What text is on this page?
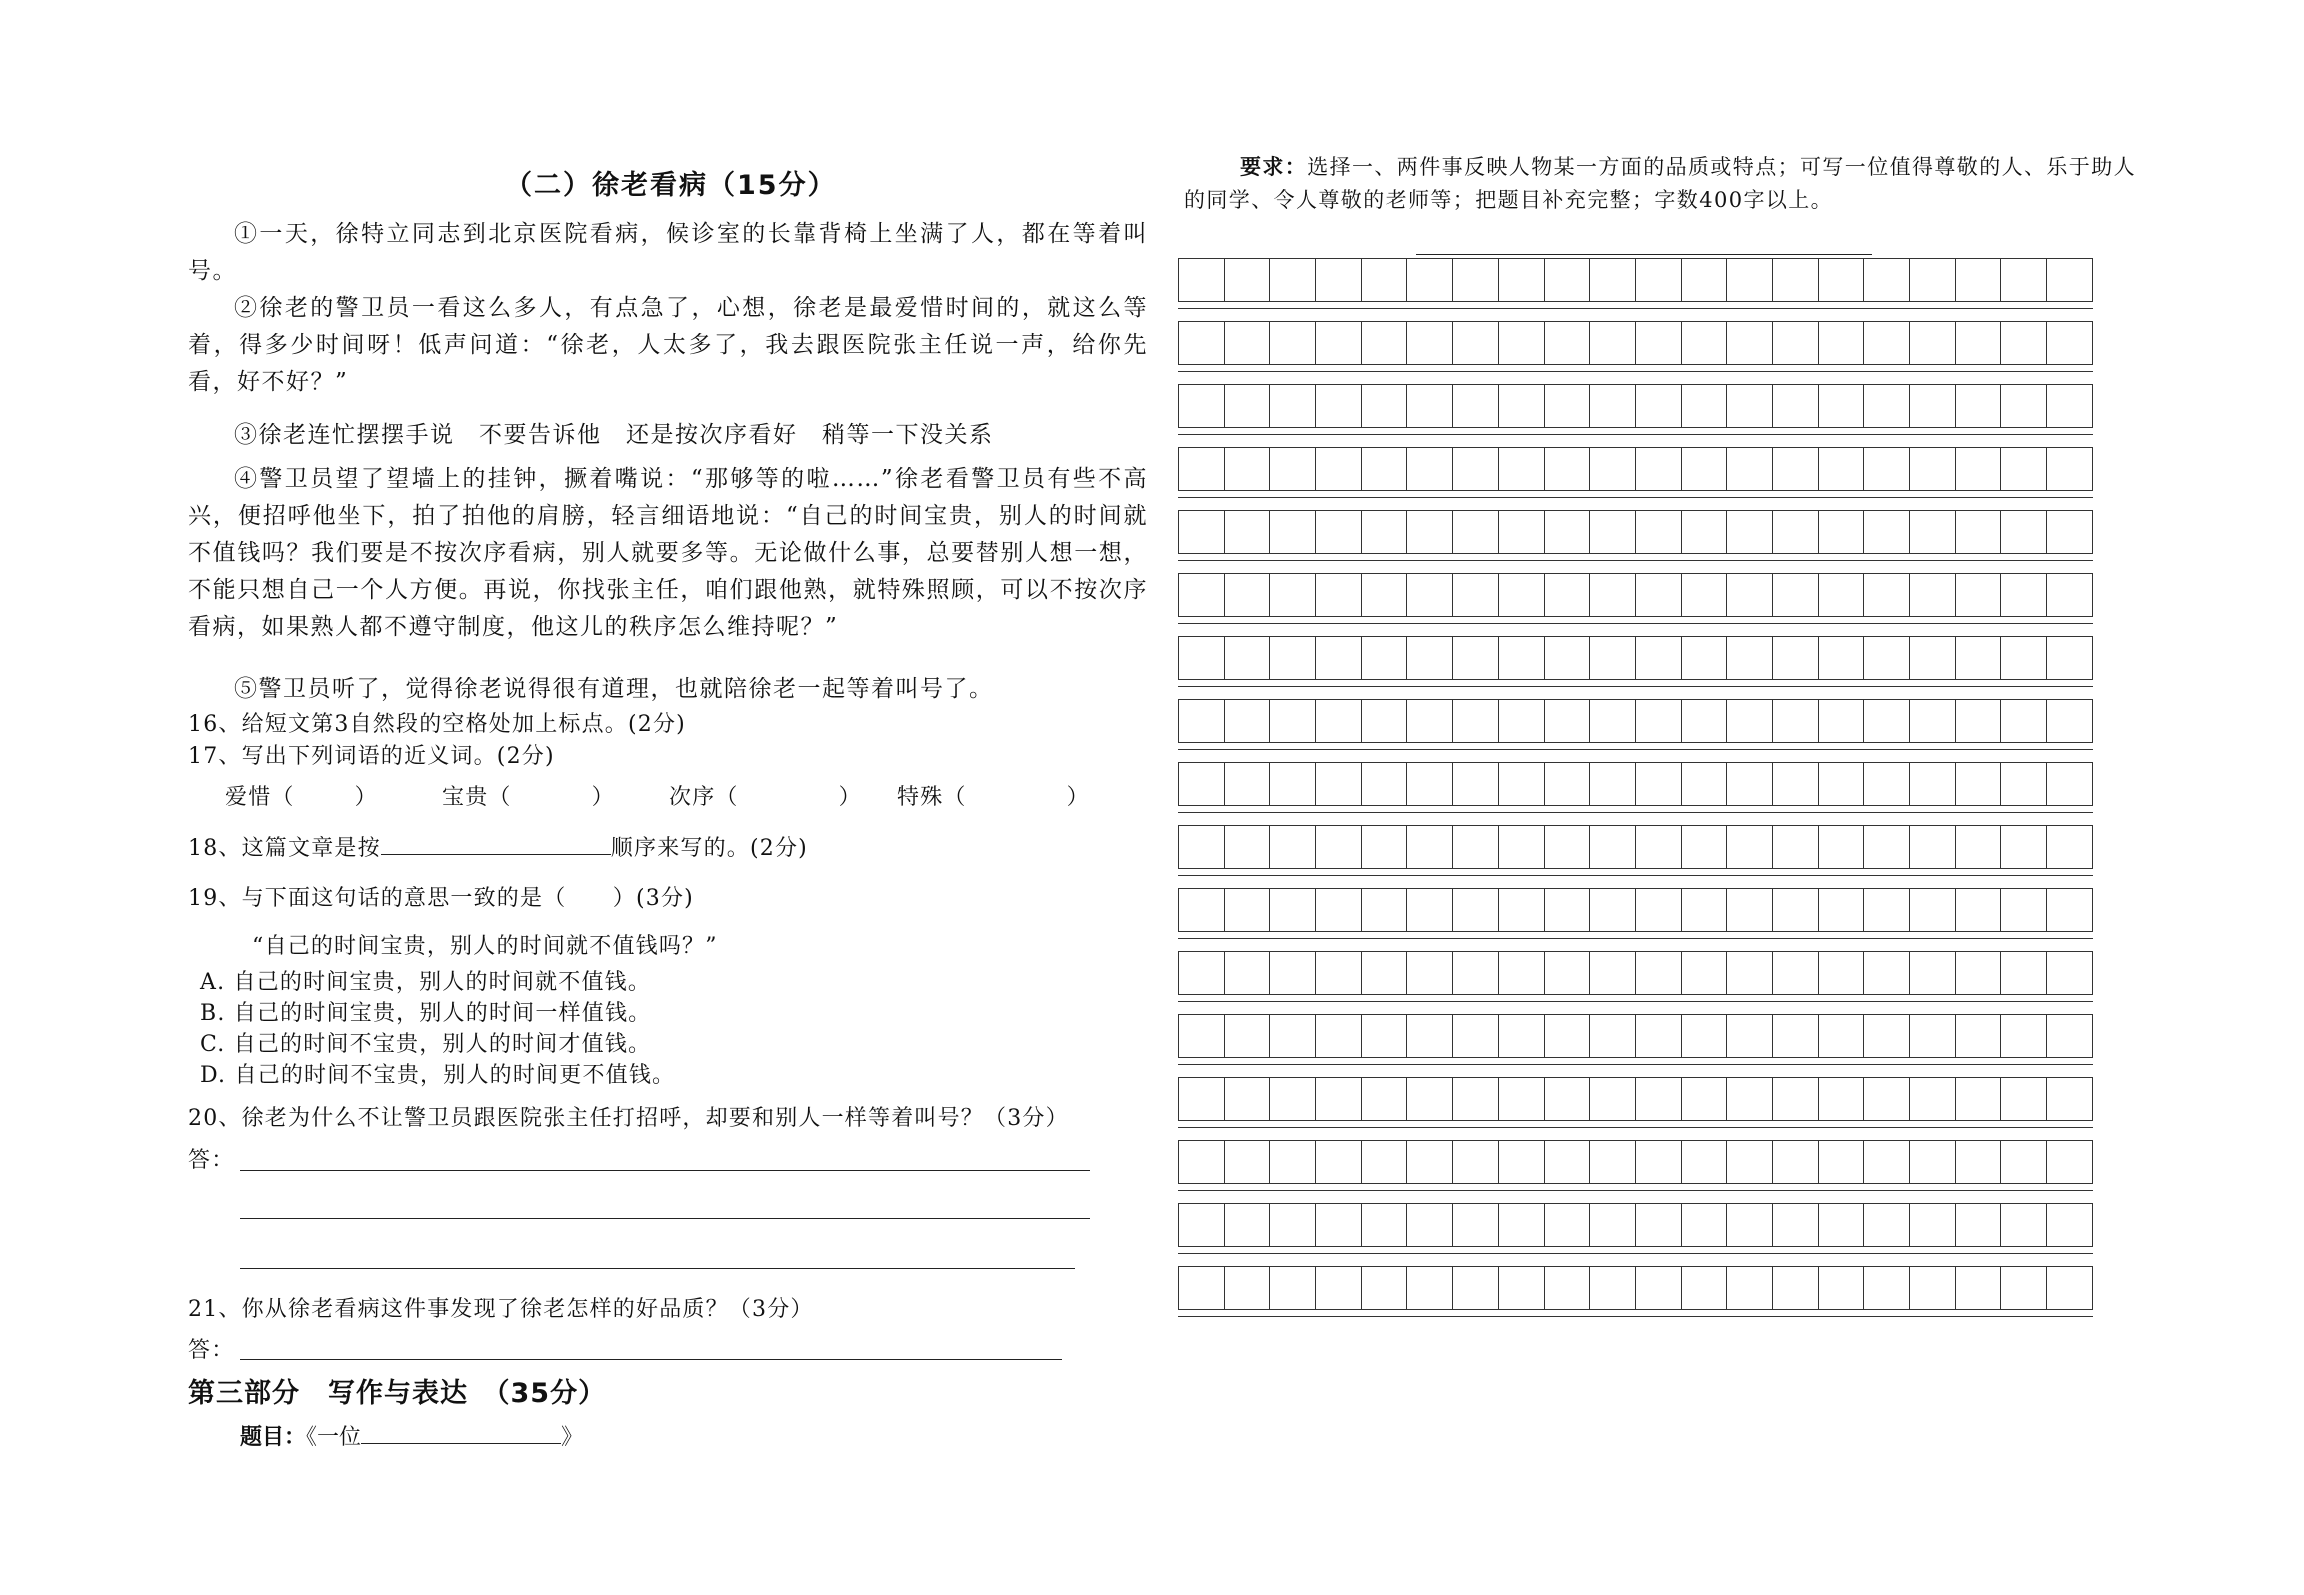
（二）徐老看病（15分）
①一天，徐特立同志到北京医院看病，候诊室的长靠背椅上坐满了人，都在等着叫号。
②徐老的警卫员一看这么多人，有点急了，心想，徐老是最爱惜时间的，就这么等着，得多少时间呀！低声问道：“徐老，人太多了，我去跟医院张主任说一声，给你先看，好不好？”
③徐老连忙摆摆手说　不要告诉他　还是按次序看好　稍等一下没关系
④警卫员望了望墙上的挂钟，撅着嘴说：“那够等的啦……”徐老看警卫员有些不高兴，便招呼他坐下，拍了拍他的肩膀，轻言细语地说：“自己的时间宝贵，别人的时间就不值钱吗？我们要是不按次序看病，别人就要多等。无论做什么事，总要替别人想一想，不能只想自己一个人方便。再说，你找张主任，咱们跟他熟，就特殊照顾，可以不按次序看病，如果熟人都不遵守制度，他这儿的秩序怎么维持呢？”
⑤警卫员听了，觉得徐老说得很有道理，也就陪徐老一起等着叫号了。
16、给短文第3自然段的空格处加上标点。(2分)
17、写出下列词语的近义词。(2分)
爱惜（	）	宝贵（	） 次序（	） 特殊（	）
18、这篇文章是按	顺序来写的。(2分)
19、与下面这句话的意思一致的是（　　）(3分)
“自己的时间宝贵，别人的时间就不值钱吗？”
A. 自己的时间宝贵，别人的时间就不值钱。
B. 自己的时间宝贵，别人的时间一样值钱。
C. 自己的时间不宝贵，别人的时间才值钱。
D. 自己的时间不宝贵，别人的时间更不值钱。
20、徐老为什么不让警卫员跟医院张主任打招呼，却要和别人一样等着叫号？（3分）
答：
21、你从徐老看病这件事发现了徐老怎样的好品质？（3分）
答：
第三部分　写作与表达　（35分）
题目：《一位	》
要求：选择一、两件事反映人物某一方面的品质或特点；可写一位值得尊敬的人、乐于助人的同学、令人尊敬的老师等；把题目补充完整；字数400字以上。
